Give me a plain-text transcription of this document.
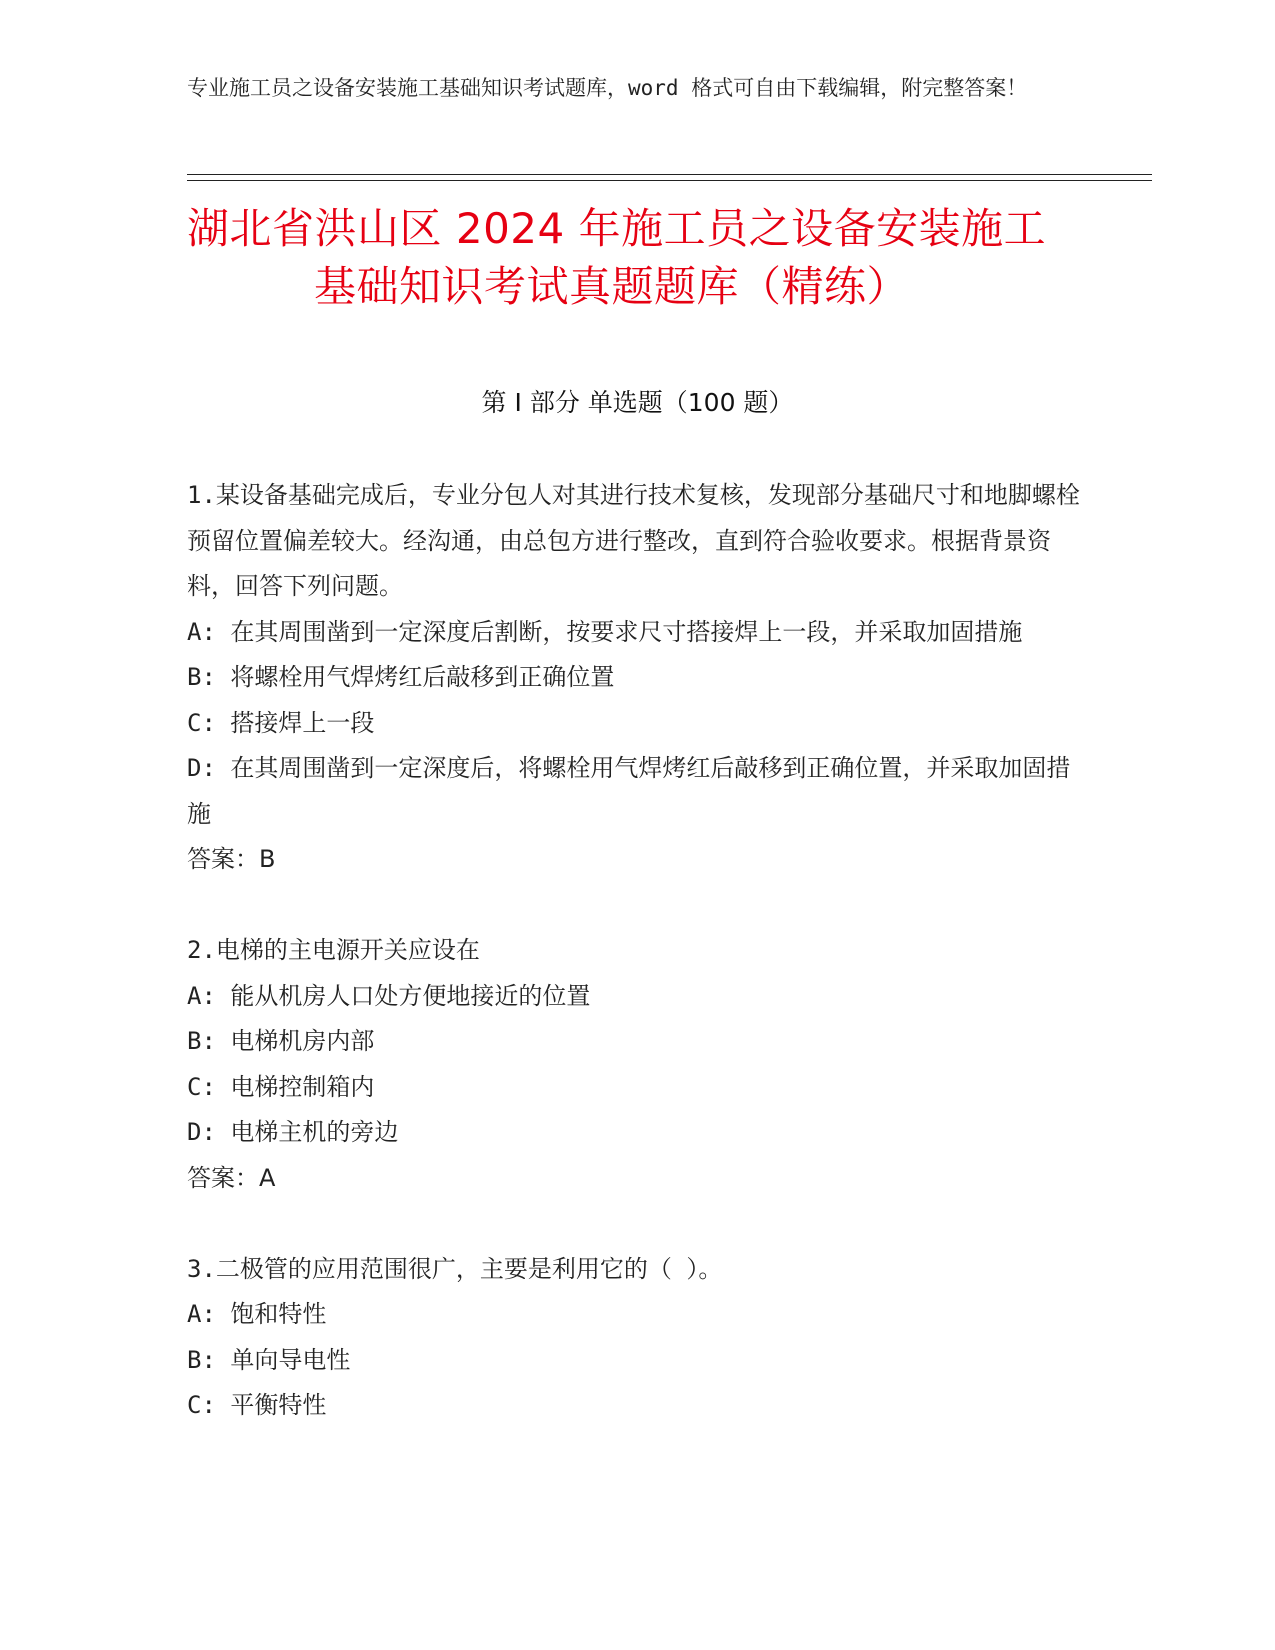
专业施工员之设备安装施工基础知识考试题库，word 格式可自由下载编辑，附完整答案！
湖北省洪山区 2024 年施工员之设备安装施工
基础知识考试真题题库（精练）
第 I 部分 单选题（100 题）
1.某设备基础完成后，专业分包人对其进行技术复核，发现部分基础尺寸和地脚螺栓预留位置偏差较大。经沟通，由总包方进行整改，直到符合验收要求。根据背景资料，回答下列问题。
A: 在其周围凿到一定深度后割断，按要求尺寸搭接焊上一段，并采取加固措施
B: 将螺栓用气焊烤红后敲移到正确位置
C: 搭接焊上一段
D: 在其周围凿到一定深度后，将螺栓用气焊烤红后敲移到正确位置，并采取加固措施
答案：B
2.电梯的主电源开关应设在
A: 能从机房人口处方便地接近的位置
B: 电梯机房内部
C: 电梯控制箱内
D: 电梯主机的旁边
答案：A
3.二极管的应用范围很广，主要是利用它的（ ）。
A: 饱和特性
B: 单向导电性
C: 平衡特性
